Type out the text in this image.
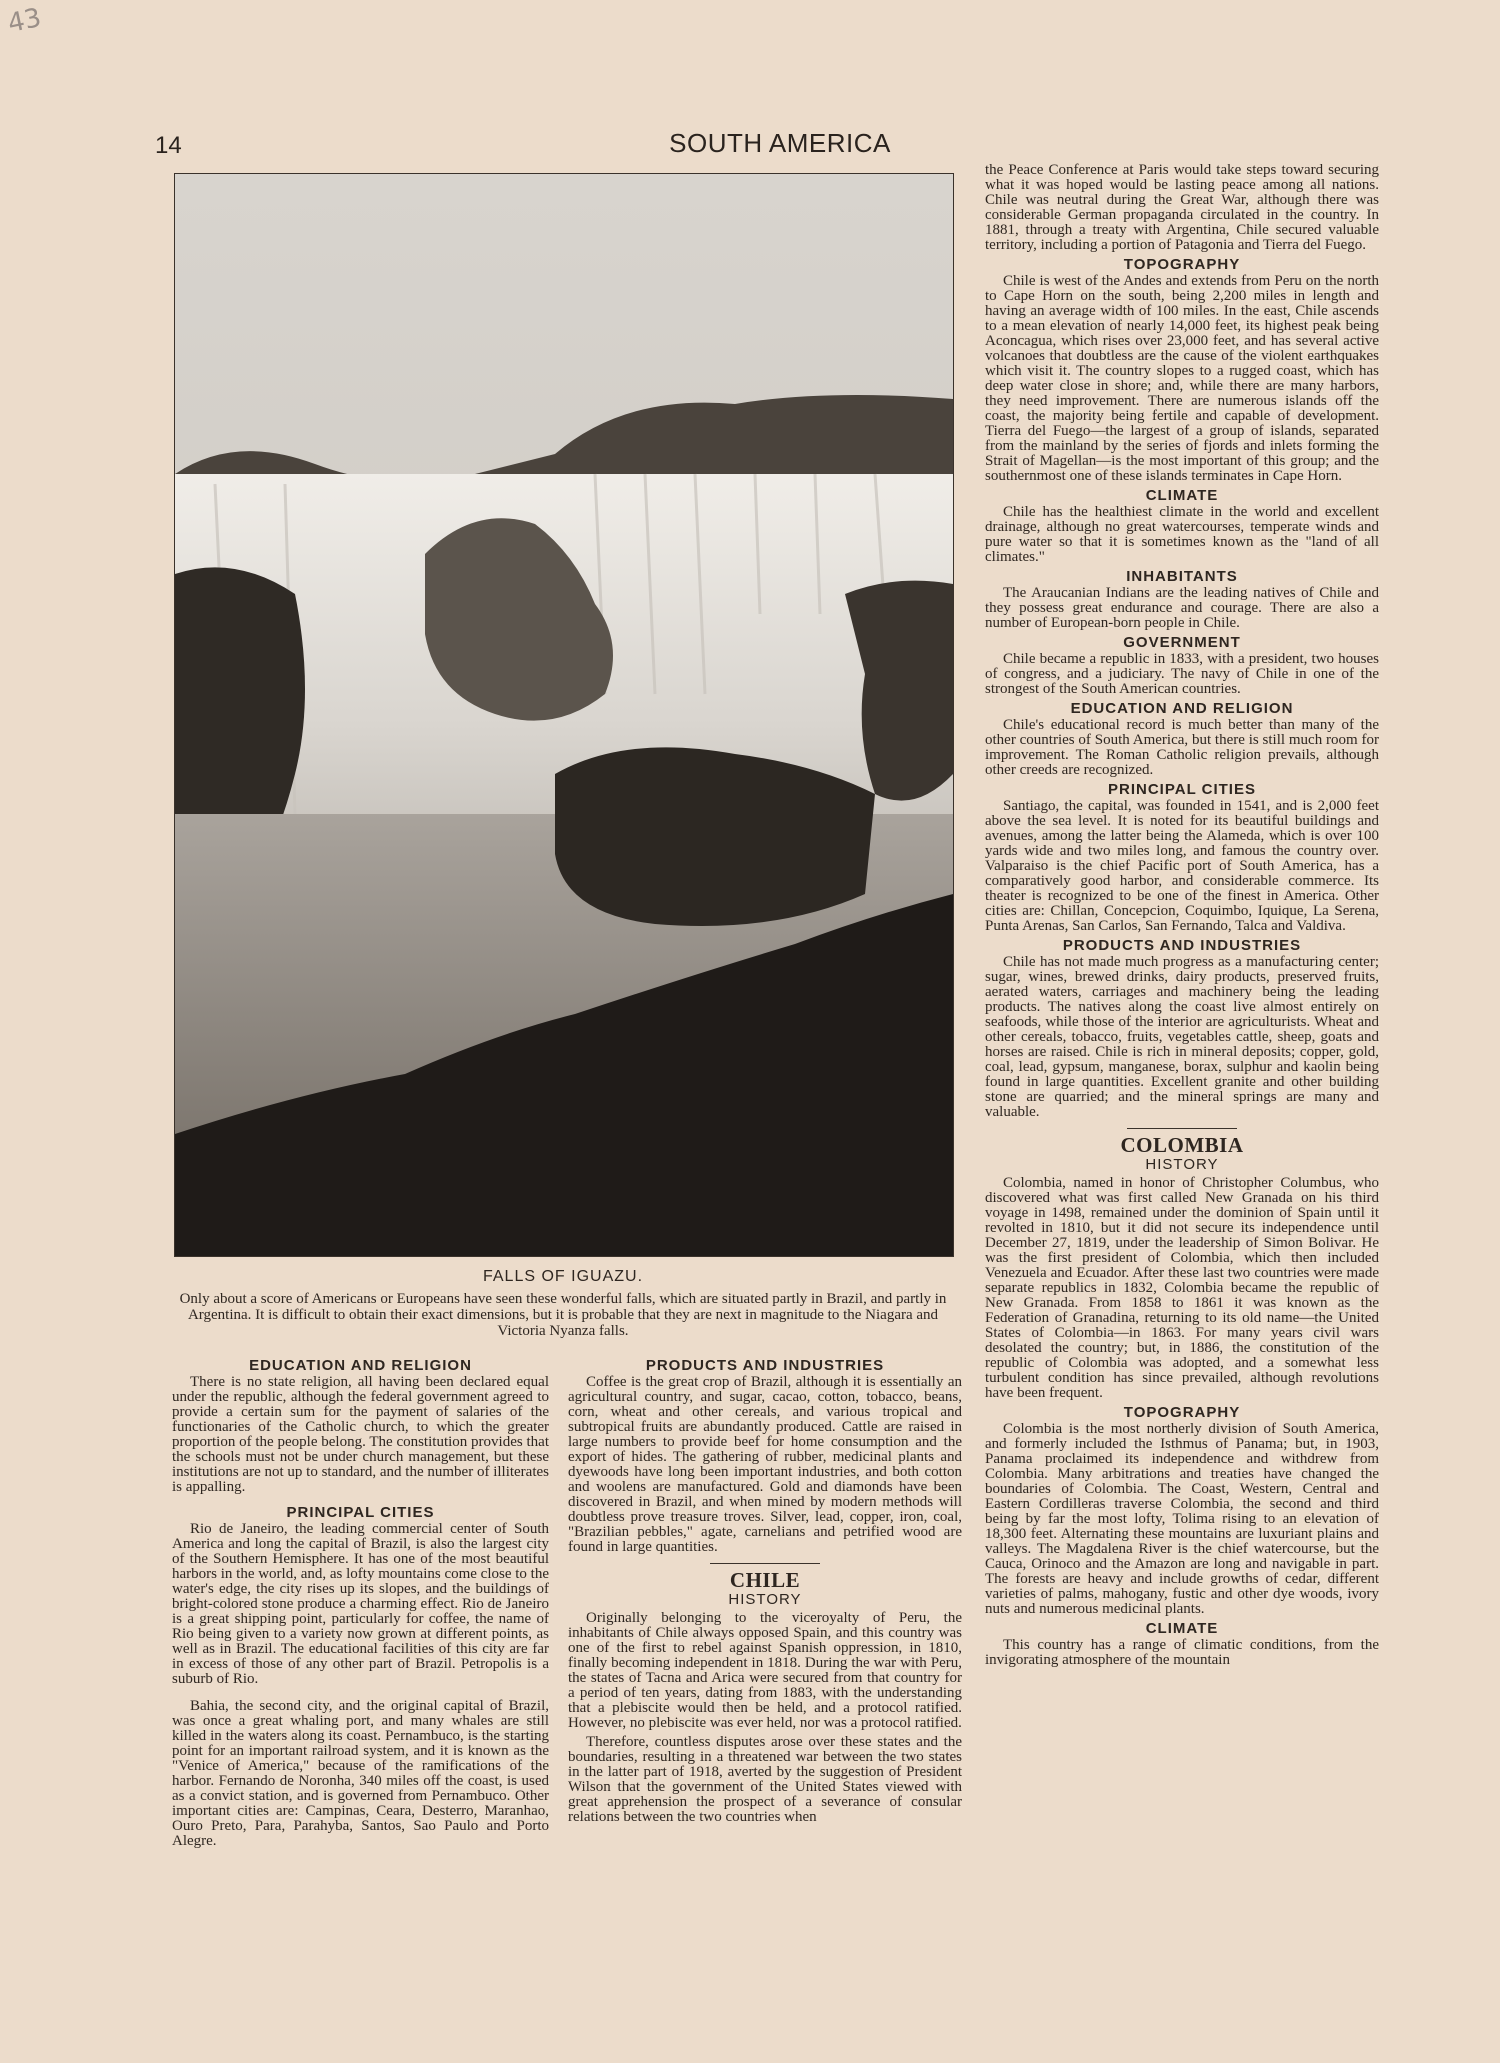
43
14	SOUTH AMERICA
FALLS OF IGUAZU.
Only about a score of Americans or Europeans have seen these wonderful falls, which are situated partly in Brazil, and partly in Argentina. It is difficult to obtain their exact dimensions, but it is probable that they are next in magnitude to the Niagara and Victoria Nyanza falls.
EDUCATION AND RELIGION

There is no state religion, all having been declared equal under the republic, although the federal government agreed to provide a certain sum for the payment of salaries of the functionaries of the Catholic church, to which the greater proportion of the people belong. The constitution provides that the schools must not be under church management, but these institutions are not up to standard, and the number of illiterates is appalling.

PRINCIPAL CITIES

Rio de Janeiro, the leading commercial center of South America and long the capital of Brazil, is also the largest city of the Southern Hemisphere. It has one of the most beautiful harbors in the world, and, as lofty mountains come close to the water's edge, the city rises up its slopes, and the buildings of bright-colored stone produce a charming effect. Rio de Janeiro is a great shipping point, particularly for coffee, the name of Rio being given to a variety now grown at different points, as well as in Brazil. The educational facilities of this city are far in excess of those of any other part of Brazil. Petropolis is a suburb of Rio.

Bahia, the second city, and the original capital of Brazil, was once a great whaling port, and many whales are still killed in the waters along its coast. Pernambuco, is the starting point for an important railroad system, and it is known as the "Venice of America," because of the ramifications of the harbor. Fernando de Noronha, 340 miles off the coast, is used as a convict station, and is governed from Pernambuco. Other important cities are: Campinas, Ceara, Desterro, Maranhao, Ouro Preto, Para, Parahyba, Santos, Sao Paulo and Porto Alegre.

PRODUCTS AND INDUSTRIES

Coffee is the great crop of Brazil, although it is essentially an agricultural country, and sugar, cacao, cotton, tobacco, beans, corn, wheat and other cereals, and various tropical and subtropical fruits are abundantly produced. Cattle are raised in large numbers to provide beef for home consumption and the export of hides. The gathering of rubber, medicinal plants and dyewoods have long been important industries, and both cotton and woolens are manufactured. Gold and diamonds have been discovered in Brazil, and when mined by modern methods will doubtless prove treasure troves. Silver, lead, copper, iron, coal, "Brazilian pebbles," agate, carnelians and petrified wood are found in large quantities.

CHILE
HISTORY

Originally belonging to the viceroyalty of Peru, the inhabitants of Chile always opposed Spain, and this country was one of the first to rebel against Spanish oppression, in 1810, finally becoming independent in 1818. During the war with Peru, the states of Tacna and Arica were secured from that country for a period of ten years, dating from 1883, with the understanding that a plebiscite would then be held, and a protocol ratified. However, no plebiscite was ever held, nor was a protocol ratified.

Therefore, countless disputes arose over these states and the boundaries, resulting in a threatened war between the two states in the latter part of 1918, averted by the suggestion of President Wilson that the government of the United States viewed with great apprehension the prospect of a severance of consular relations between the two countries when

the Peace Conference at Paris would take steps toward securing what it was hoped would be lasting peace among all nations. Chile was neutral during the Great War, although there was considerable German propaganda circulated in the country. In 1881, through a treaty with Argentina, Chile secured valuable territory, including a portion of Patagonia and Tierra del Fuego.

TOPOGRAPHY

Chile is west of the Andes and extends from Peru on the north to Cape Horn on the south, being 2,200 miles in length and having an average width of 100 miles. In the east, Chile ascends to a mean elevation of nearly 14,000 feet, its highest peak being Aconcagua, which rises over 23,000 feet, and has several active volcanoes that doubtless are the cause of the violent earthquakes which visit it. The country slopes to a rugged coast, which has deep water close in shore; and, while there are many harbors, they need improvement. There are numerous islands off the coast, the majority being fertile and capable of development. Tierra del Fuego—the largest of a group of islands, separated from the mainland by the series of fjords and inlets forming the Strait of Magellan—is the most important of this group; and the southernmost one of these islands terminates in Cape Horn.

CLIMATE

Chile has the healthiest climate in the world and excellent drainage, although no great watercourses, temperate winds and pure water so that it is sometimes known as the "land of all climates."

INHABITANTS

The Araucanian Indians are the leading natives of Chile and they possess great endurance and courage. There are also a number of European-born people in Chile.

GOVERNMENT

Chile became a republic in 1833, with a president, two houses of congress, and a judiciary. The navy of Chile in one of the strongest of the South American countries.

EDUCATION AND RELIGION

Chile's educational record is much better than many of the other countries of South America, but there is still much room for improvement. The Roman Catholic religion prevails, although other creeds are recognized.

PRINCIPAL CITIES

Santiago, the capital, was founded in 1541, and is 2,000 feet above the sea level. It is noted for its beautiful buildings and avenues, among the latter being the Alameda, which is over 100 yards wide and two miles long, and famous the country over. Valparaiso is the chief Pacific port of South America, has a comparatively good harbor, and considerable commerce. Its theater is recognized to be one of the finest in America. Other cities are: Chillan, Concepcion, Coquimbo, Iquique, La Serena, Punta Arenas, San Carlos, San Fernando, Talca and Valdiva.

PRODUCTS AND INDUSTRIES

Chile has not made much progress as a manufacturing center; sugar, wines, brewed drinks, dairy products, preserved fruits, aerated waters, carriages and machinery being the leading products. The natives along the coast live almost entirely on seafoods, while those of the interior are agriculturists. Wheat and other cereals, tobacco, fruits, vegetables cattle, sheep, goats and horses are raised. Chile is rich in mineral deposits; copper, gold, coal, lead, gypsum, manganese, borax, sulphur and kaolin being found in large quantities. Excellent granite and other building stone are quarried; and the mineral springs are many and valuable.

COLOMBIA
HISTORY

Colombia, named in honor of Christopher Columbus, who discovered what was first called New Granada on his third voyage in 1498, remained under the dominion of Spain until it revolted in 1810, but it did not secure its independence until December 27, 1819, under the leadership of Simon Bolivar. He was the first president of Colombia, which then included Venezuela and Ecuador. After these last two countries were made separate republics in 1832, Colombia became the republic of New Granada. From 1858 to 1861 it was known as the Federation of Granadina, returning to its old name—the United States of Colombia—in 1863. For many years civil wars desolated the country; but, in 1886, the constitution of the republic of Colombia was adopted, and a somewhat less turbulent condition has since prevailed, although revolutions have been frequent.

TOPOGRAPHY

Colombia is the most northerly division of South America, and formerly included the Isthmus of Panama; but, in 1903, Panama proclaimed its independence and withdrew from Colombia. Many arbitrations and treaties have changed the boundaries of Colombia. The Coast, Western, Central and Eastern Cordilleras traverse Colombia, the second and third being by far the most lofty, Tolima rising to an elevation of 18,300 feet. Alternating these mountains are luxuriant plains and valleys. The Magdalena River is the chief watercourse, but the Cauca, Orinoco and the Amazon are long and navigable in part. The forests are heavy and include growths of cedar, different varieties of palms, mahogany, fustic and other dye woods, ivory nuts and numerous medicinal plants.

CLIMATE

This country has a range of climatic conditions, from the invigorating atmosphere of the mountain
